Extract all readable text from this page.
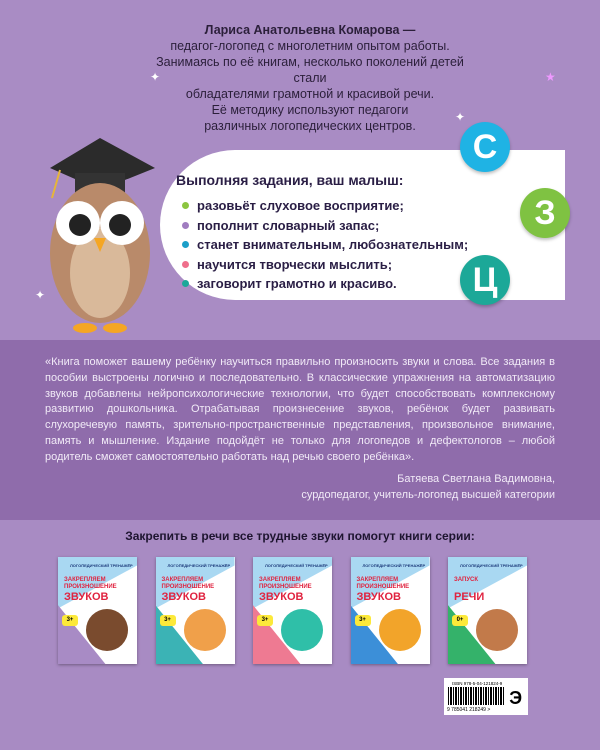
✦	★
✦
✦
Лариса Анатольевна Комарова —
педагог-логопед с многолетним опытом работы.
Занимаясь по её книгам, несколько поколений детей стали
обладателями грамотной и красивой речи.
Её методику используют педагоги
различных логопедических центров.
Выполняя задания, ваш малыш:
разовьёт слуховое восприятие;
пополнит словарный запас;
станет внимательным, любознательным;
научится творчески мыслить;
заговорит грамотно и красиво.
С
З
Ц

«Книга поможет вашему ребёнку научиться правильно произносить звуки и слова. Все задания в пособии выстроены логично и последовательно. В классические упражнения на автоматизацию звуков добавлены нейропсихологические технологии, что будет способствовать комплексному развитию дошкольника. Отрабатывая произнесение звуков, ребёнок будет развивать слухоречевую память, зрительно-пространственные представления, произвольное внимание, память и мышление. Издание подойдёт не только для логопедов и дефектологов – любой родитель сможет самостоятельно работать над речью своего ребёнка».

Батяева Светлана Вадимовна,
сурдопедагог, учитель-логопед высшей категории
Закрепить в речи все трудные звуки помогут книги серии:
ЛОГОПЕДИЧЕСКИЙ ТРЕНАЖЁР
ЗАКРЕПЛЯЕМ ПРОИЗНОШЕНИЕ
ЗВУКОВ
3+
ЛОГОПЕДИЧЕСКИЙ ТРЕНАЖЁР
ЗАКРЕПЛЯЕМ ПРОИЗНОШЕНИЕ
ЗВУКОВ
3+
ЛОГОПЕДИЧЕСКИЙ ТРЕНАЖЁР
ЗАКРЕПЛЯЕМ ПРОИЗНОШЕНИЕ
ЗВУКОВ
3+
ЛОГОПЕДИЧЕСКИЙ ТРЕНАЖЁР
ЗАКРЕПЛЯЕМ ПРОИЗНОШЕНИЕ
ЗВУКОВ
3+
ЛОГОПЕДИЧЕСКИЙ ТРЕНАЖЁР
ЗАПУСК
РЕЧИ
0+
ISBN 978-5-04-121824-9
9 785041 218249 >
Э
